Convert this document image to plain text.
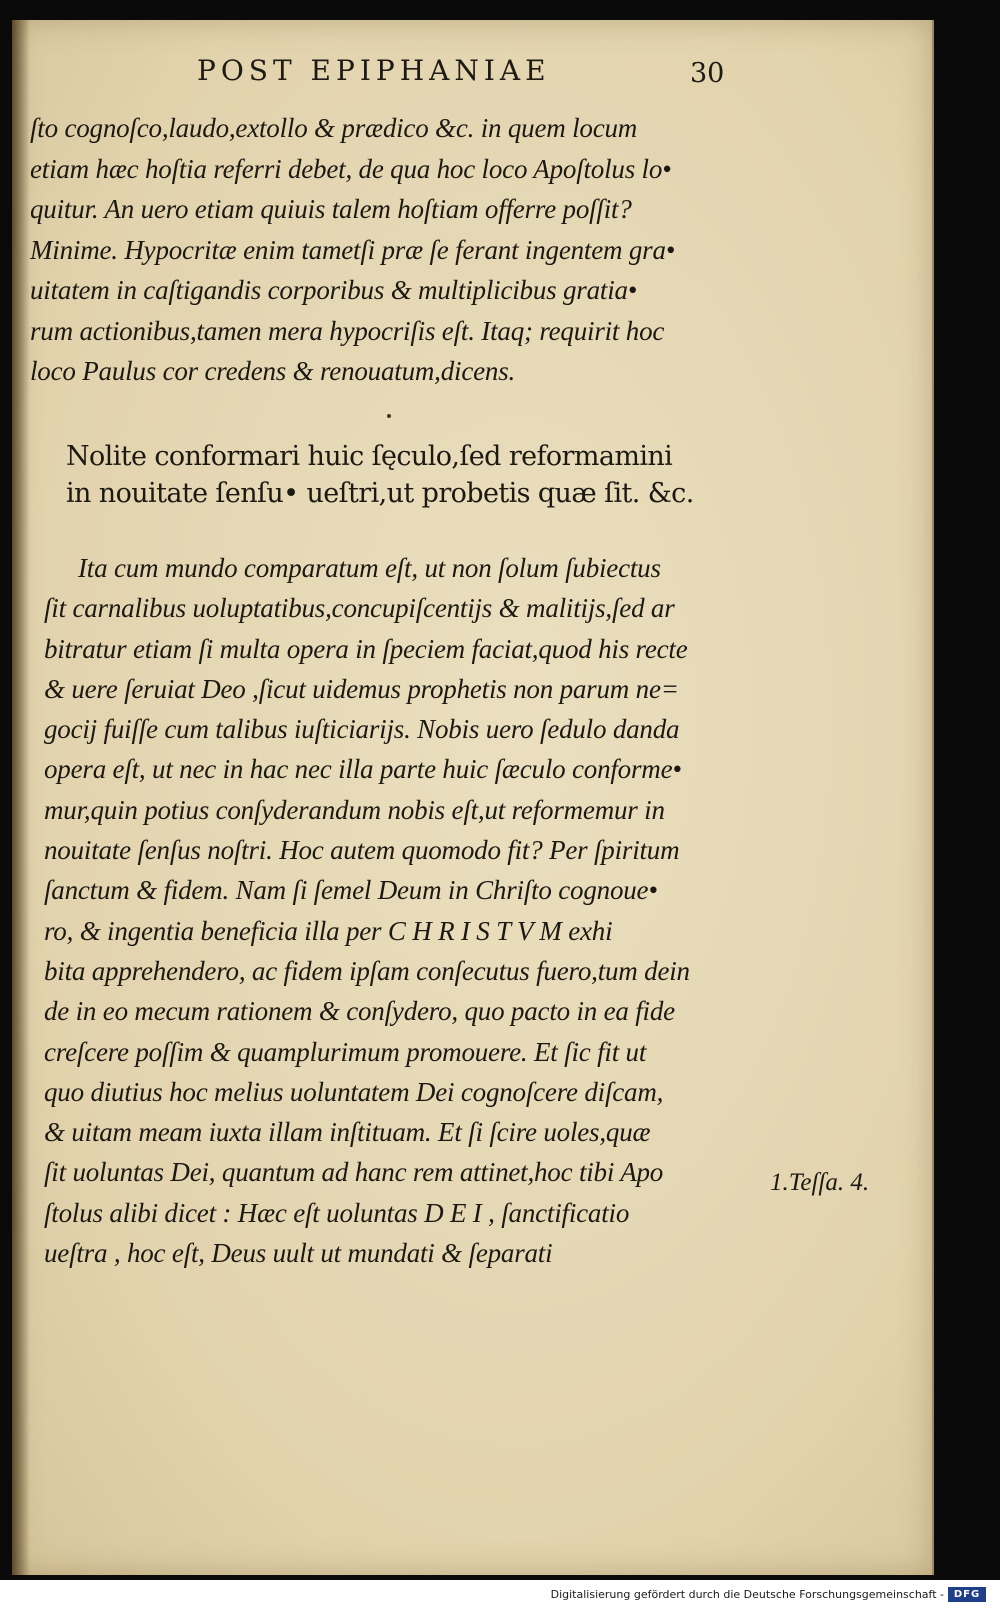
POST EPIPHANIAE	30
ſto cognoſco,laudo,extollo & prædico &c. in quem locum
etiam hæc hoſtia referri debet, de qua hoc loco Apoſtolus lo•
quitur. An uero etiam quiuis talem hoſtiam offerre poſſit?
Minime. Hypocritæ enim tametſi præ ſe ferant ingentem gra•
uitatem in caſtigandis corporibus & multiplicibus gratia•
rum actionibus,tamen mera hypocriſis eſt. Itaq; requirit hoc
loco Paulus cor credens & renouatum,dicens.
Nolite conformari huic ſęculo,ſed reformamini
in nouitate ſenſu• ueſtri,ut probetis quæ ſit. &c.
Ita cum mundo comparatum eſt, ut non ſolum ſubiectus
ſit carnalibus uoluptatibus,concupiſcentijs & malitijs,ſed ar
bitratur etiam ſi multa opera in ſpeciem faciat,quod his recte
& uere ſeruiat Deo ,ſicut uidemus prophetis non parum ne=
gocij fuiſſe cum talibus iuſticiarijs. Nobis uero ſedulo danda
opera eſt, ut nec in hac nec illa parte huic ſæculo conforme•
mur,quin potius conſyderandum nobis eſt,ut reformemur in
nouitate ſenſus noſtri. Hoc autem quomodo fit? Per ſpiritum
ſanctum & fidem. Nam ſi ſemel Deum in Chriſto cognoue•
ro, & ingentia beneficia illa per C H R I S T V M exhi
bita apprehendero, ac fidem ipſam conſecutus fuero,tum dein
de in eo mecum rationem & conſydero, quo pacto in ea fide
creſcere poſſim & quamplurimum promouere. Et ſic fit ut
quo diutius hoc melius uoluntatem Dei cognoſcere diſcam,
& uitam meam iuxta illam inſtituam. Et ſi ſcire uoles,quæ
ſit uoluntas Dei, quantum ad hanc rem attinet,hoc tibi Apo
ſtolus alibi dicet : Hæc eſt uoluntas D E I , ſanctificatio
ueſtra , hoc eſt, Deus uult ut mundati & ſeparati
1.Teſſa. 4.
Digitalisierung gefördert durch die Deutsche Forschungsgemeinschaft - DFG
